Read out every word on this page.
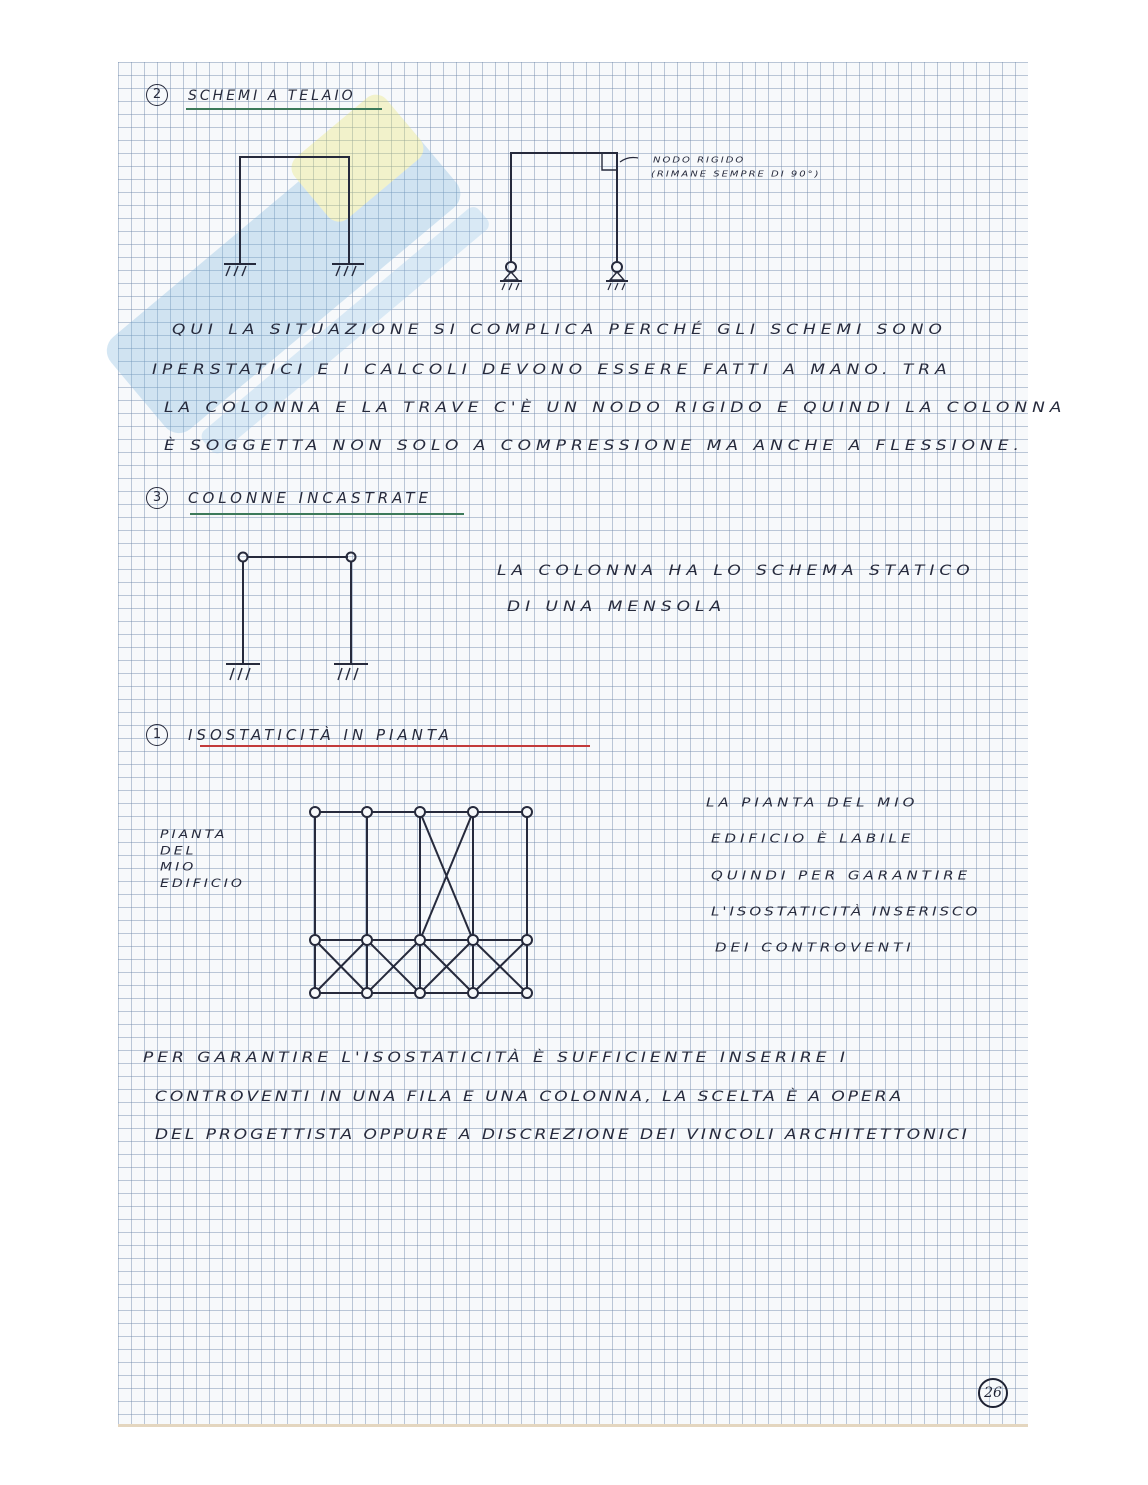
2 SCHEMI A TELAIO
NODO RIGIDO
(RIMANE SEMPRE DI 90°)
QUI LA SITUAZIONE SI COMPLICA PERCHÉ GLI SCHEMI SONO
IPERSTATICI E I CALCOLI DEVONO ESSERE FATTI A MANO. TRA
LA COLONNA E LA TRAVE C'È UN NODO RIGIDO E QUINDI LA COLONNA
È SOGGETTA NON SOLO A COMPRESSIONE MA ANCHE A FLESSIONE.
3 COLONNE INCASTRATE
LA COLONNA HA LO SCHEMA STATICO
DI UNA MENSOLA
1 ISOSTATICITÀ IN PIANTA
PIANTA
DEL
MIO
EDIFICIO
LA PIANTA DEL MIO
EDIFICIO È LABILE
QUINDI PER GARANTIRE
L'ISOSTATICITÀ INSERISCO
DEI CONTROVENTI
PER GARANTIRE L'ISOSTATICITÀ È SUFFICIENTE INSERIRE I
CONTROVENTI IN UNA FILA E UNA COLONNA, LA SCELTA È A OPERA
DEL PROGETTISTA OPPURE A DISCREZIONE DEI VINCOLI ARCHITETTONICI
26
